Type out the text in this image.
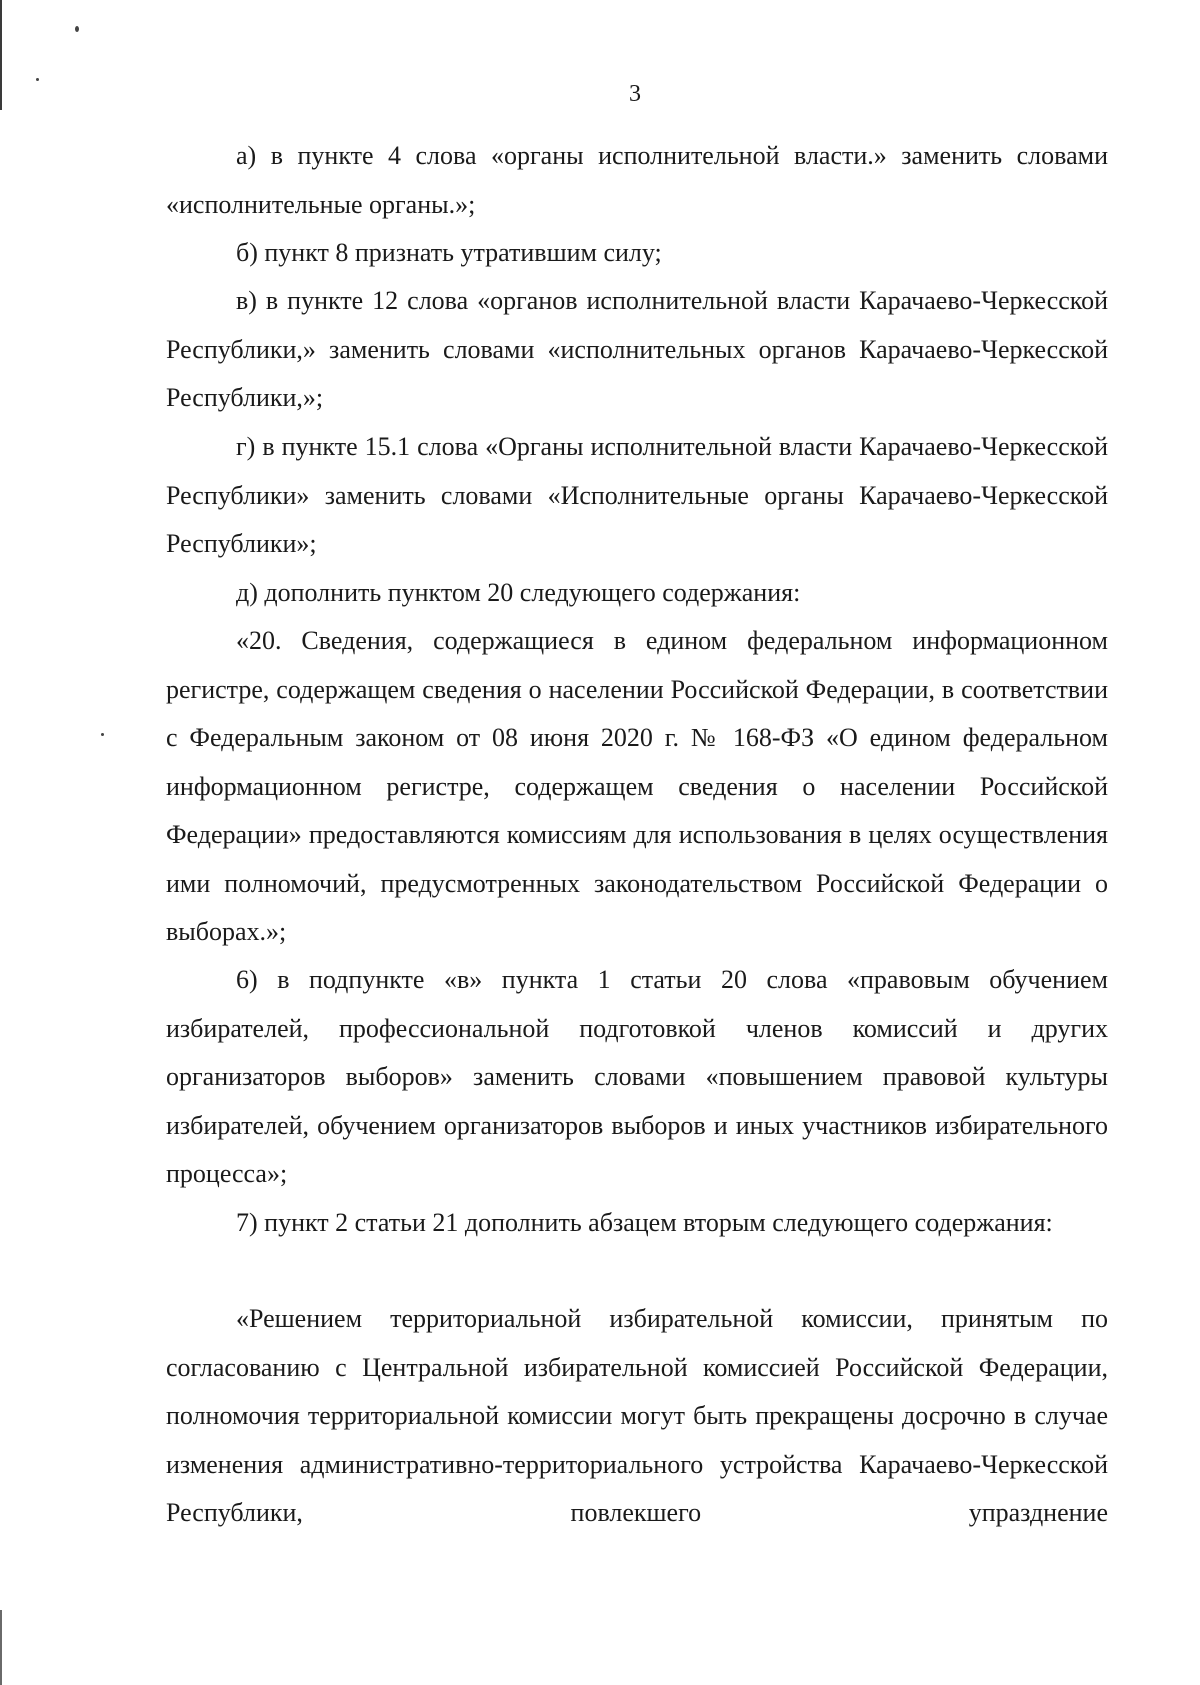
3

а) в пункте 4 слова «органы исполнительной власти.» заменить словами «исполнительные органы.»;

б) пункт 8 признать утратившим силу;

в) в пункте 12 слова «органов исполнительной власти Карачаево-Черкесской Республики,» заменить словами «исполнительных органов Карачаево-Черкесской Республики,»;

г) в пункте 15.1 слова «Органы исполнительной власти Карачаево-Черкесской Республики» заменить словами «Исполнительные органы Карачаево-Черкесской Республики»;

д) дополнить пунктом 20 следующего содержания:

«20. Сведения, содержащиеся в едином федеральном информационном регистре, содержащем сведения о населении Российской Федерации, в соответствии с Федеральным законом от 08 июня 2020 г. № 168-ФЗ «О едином федеральном информационном регистре, содержащем сведения о населении Российской Федерации» предоставляются комиссиям для использования в целях осуществления ими полномочий, предусмотренных законодательством Российской Федерации о выборах.»;

6) в подпункте «в» пункта 1 статьи 20 слова «правовым обучением избирателей, профессиональной подготовкой членов комиссий и других организаторов выборов» заменить словами «повышением правовой культуры избирателей, обучением организаторов выборов и иных участников избирательного процесса»;

7) пункт 2 статьи 21 дополнить абзацем вторым следующего содержания:

«Решением территориальной избирательной комиссии, принятым по согласованию с Центральной избирательной комиссией Российской Федерации, полномочия территориальной комиссии могут быть прекращены досрочно в случае изменения административно-территориального устройства Карачаево-Черкесской Республики, повлекшего упразднение
